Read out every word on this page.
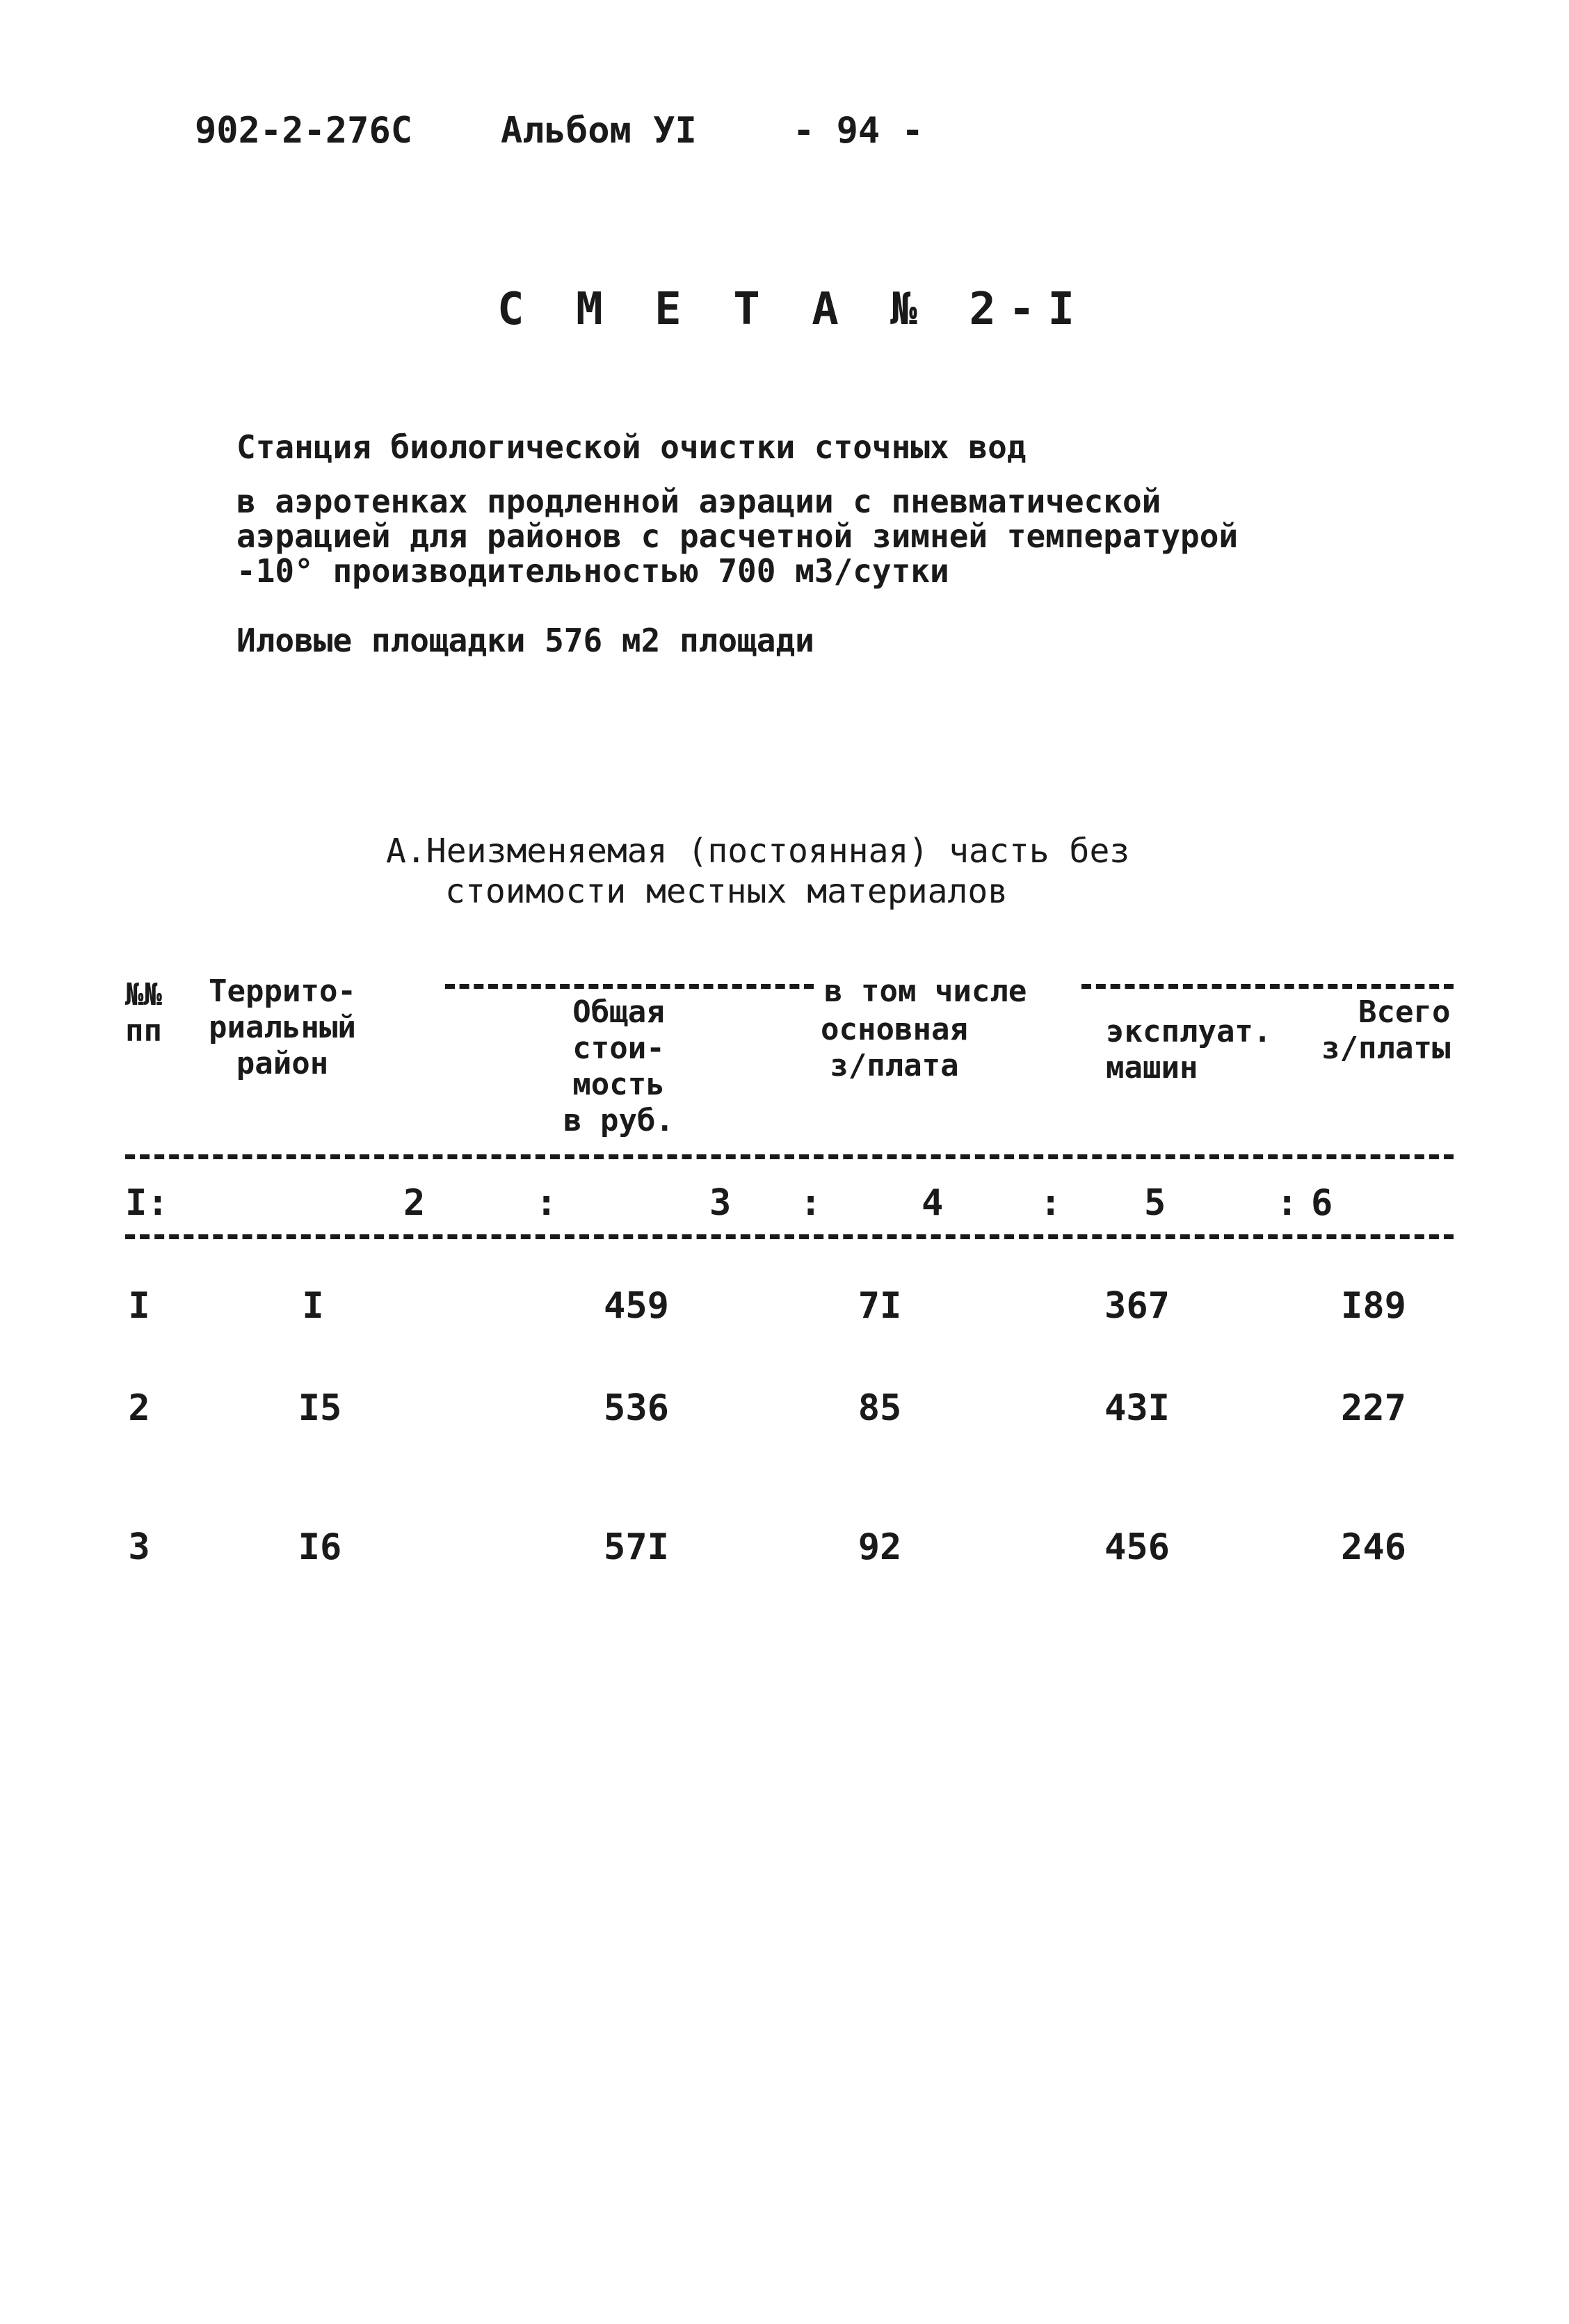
902-2-276С Альбом УI	- 94 -
С М Е Т А № 2-I
Станция биологической очистки сточных вод
в аэротенках продленной аэрации с пневматической
аэрацией для районов с расчетной зимней температурой
-10° производительностью 700 м3/сутки
Иловые площадки 576 м2 площади
А.Неизменяемая (постоянная) часть без
стоимости местных материалов
№№
пп
Террито-
риальный
район
Общая
стои-
мость
в руб.
в том числе
основная
з/плата
эксплуат.
машин
Всего
з/платы
I:	2	:	3 :	4	: 5	: 6
I	I	459	7I	367	I89
2	I5	536	85	43I	227
3	I6	57I	92	456	246
